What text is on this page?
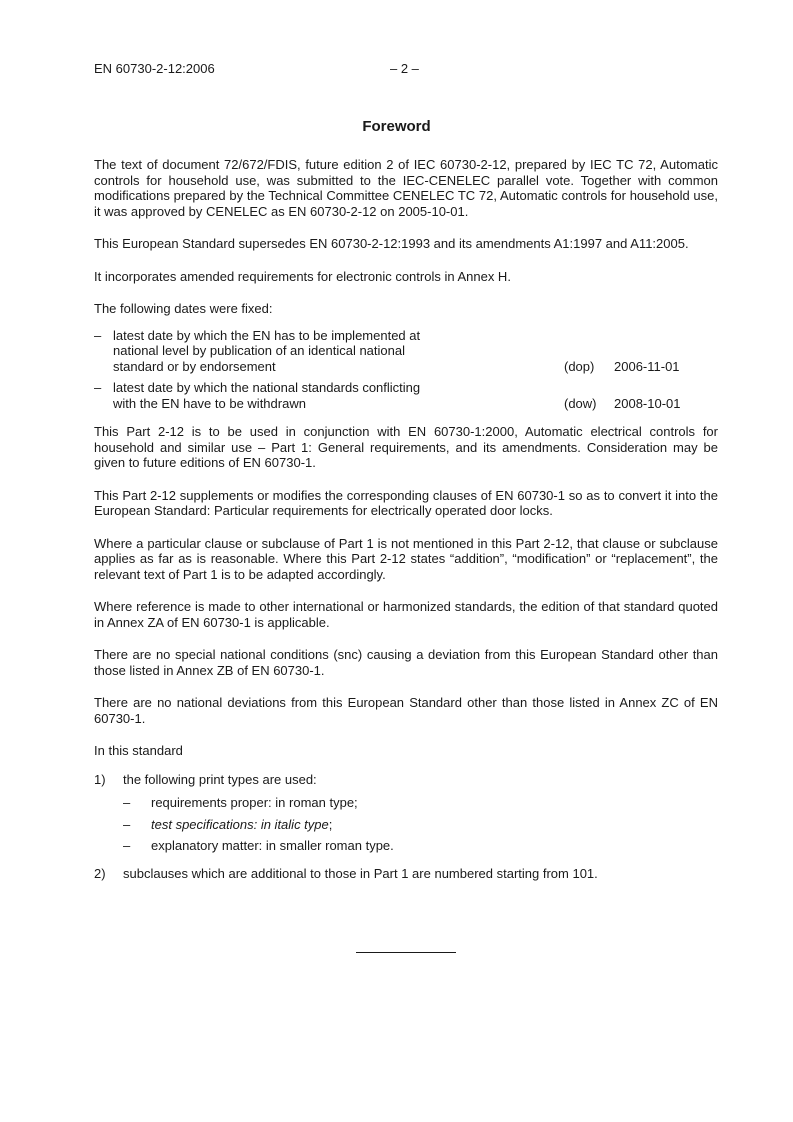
EN 60730-2-12:2006	– 2 –
Foreword

The text of document 72/672/FDIS, future edition 2 of IEC 60730-2-12, prepared by IEC TC 72, Automatic controls for household use, was submitted to the IEC-CENELEC parallel vote. Together with common modifications prepared by the Technical Committee CENELEC TC 72, Automatic controls for household use, it was approved by CENELEC as EN 60730-2-12 on 2005-10-01.

This European Standard supersedes EN 60730-2-12:1993 and its amendments A1:1997 and A11:2005.

It incorporates amended requirements for electronic controls in Annex H.

The following dates were fixed:

– latest date by which the EN has to be implemented at national level by publication of an identical national standard or by endorsement	(dop) 2006-11-01
– latest date by which the national standards conflicting with the EN have to be withdrawn	(dow) 2008-10-01

This Part 2-12 is to be used in conjunction with EN 60730-1:2000, Automatic electrical controls for household and similar use – Part 1: General requirements, and its amendments. Consideration may be given to future editions of EN 60730-1.

This Part 2-12 supplements or modifies the corresponding clauses of EN 60730-1 so as to convert it into the European Standard: Particular requirements for electrically operated door locks.

Where a particular clause or subclause of Part 1 is not mentioned in this Part 2-12, that clause or subclause applies as far as is reasonable. Where this Part 2-12 states “addition”, “modification” or “replacement”, the relevant text of Part 1 is to be adapted accordingly.

Where reference is made to other international or harmonized standards, the edition of that standard quoted in Annex ZA of EN 60730-1 is applicable.

There are no special national conditions (snc) causing a deviation from this European Standard other than those listed in Annex ZB of EN 60730-1.

There are no national deviations from this European Standard other than those listed in Annex ZC of EN 60730-1.

In this standard

1) the following print types are used:
– requirements proper: in roman type;
– test specifications: in italic type;
– explanatory matter: in smaller roman type.
2) subclauses which are additional to those in Part 1 are numbered starting from 101.
